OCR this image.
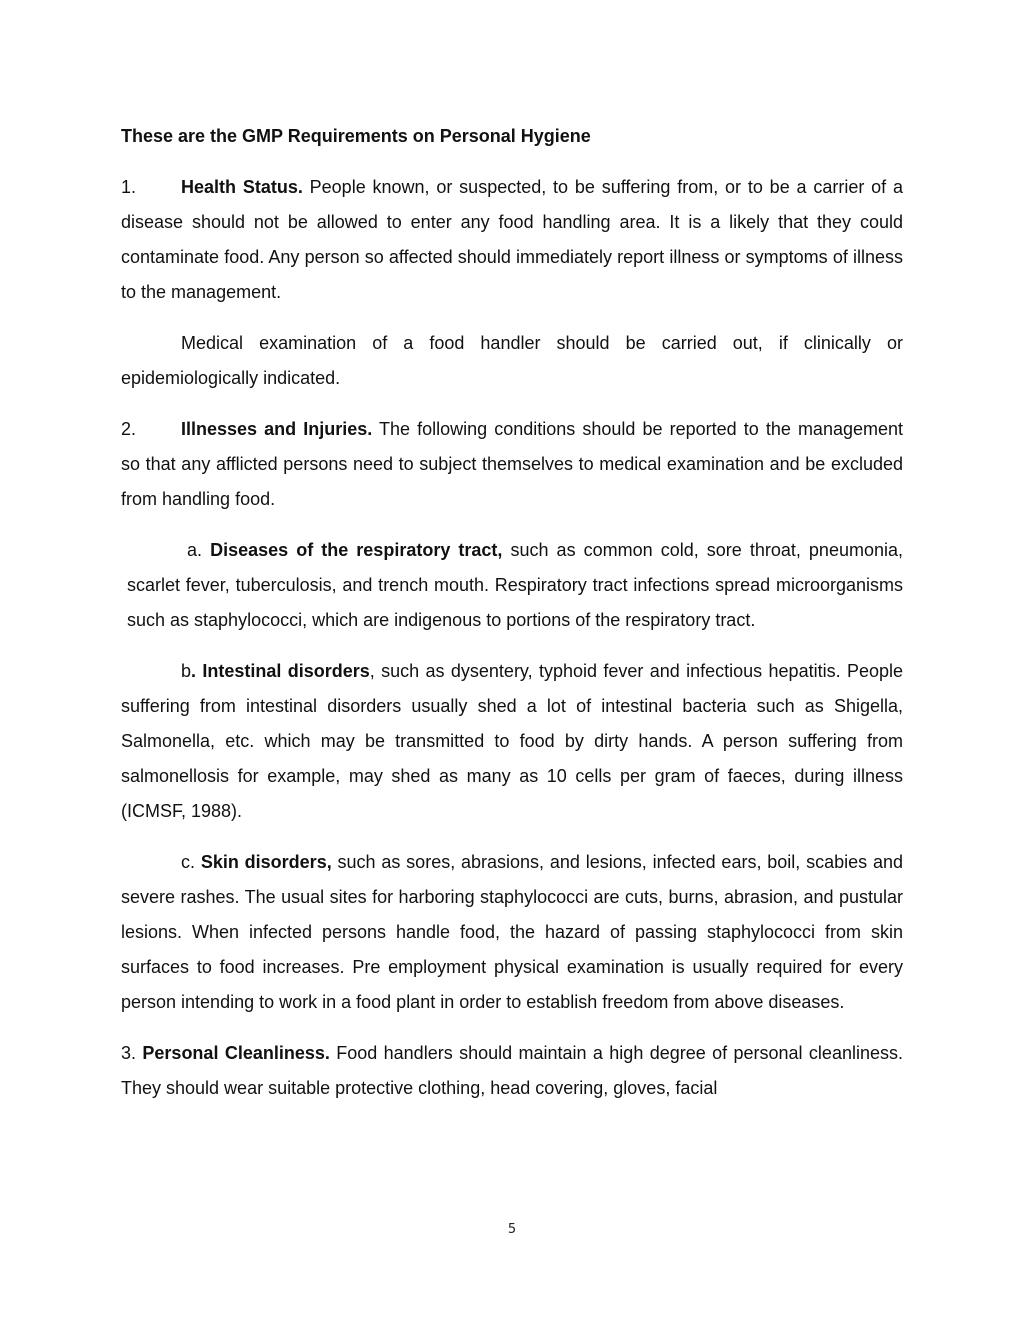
These are the GMP Requirements on Personal Hygiene

1. Health Status. People known, or suspected, to be suffering from, or to be a carrier of a disease should not be allowed to enter any food handling area. It is a likely that they could contaminate food. Any person so affected should immediately report illness or symptoms of illness to the management.

Medical examination of a food handler should be carried out, if clinically or epidemiologically indicated.

2. Illnesses and Injuries. The following conditions should be reported to the management so that any afflicted persons need to subject themselves to medical examination and be excluded from handling food.

a. Diseases of the respiratory tract, such as common cold, sore throat, pneumonia, scarlet fever, tuberculosis, and trench mouth. Respiratory tract infections spread microorganisms such as staphylococci, which are indigenous to portions of the respiratory tract.

b. Intestinal disorders, such as dysentery, typhoid fever and infectious hepatitis. People suffering from intestinal disorders usually shed a lot of intestinal bacteria such as Shigella, Salmonella, etc. which may be transmitted to food by dirty hands. A person suffering from salmonellosis for example, may shed as many as 10 cells per gram of faeces, during illness (ICMSF, 1988).

c. Skin disorders, such as sores, abrasions, and lesions, infected ears, boil, scabies and severe rashes. The usual sites for harboring staphylococci are cuts, burns, abrasion, and pustular lesions. When infected persons handle food, the hazard of passing staphylococci from skin surfaces to food increases. Pre employment physical examination is usually required for every person intending to work in a food plant in order to establish freedom from above diseases.

3. Personal Cleanliness. Food handlers should maintain a high degree of personal cleanliness. They should wear suitable protective clothing, head covering, gloves, facial

5
